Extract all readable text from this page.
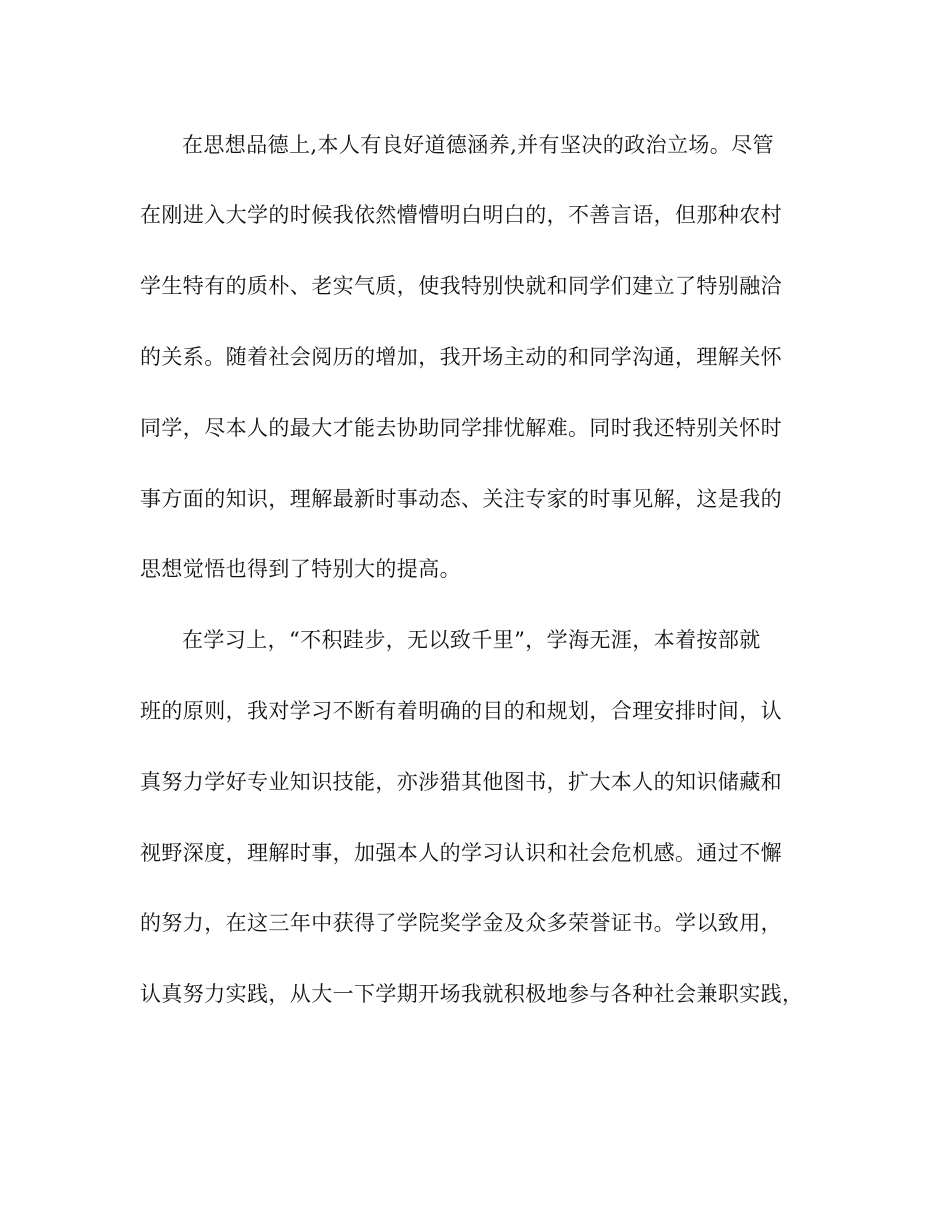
在思想品德上,本人有良好道德涵养,并有坚决的政治立场。尽管
在刚进入大学的时候我依然懵懵明白明白的，不善言语，但那种农村
学生特有的质朴、老实气质，使我特别快就和同学们建立了特别融洽
的关系。随着社会阅历的增加，我开场主动的和同学沟通，理解关怀
同学，尽本人的最大才能去协助同学排忧解难。同时我还特别关怀时
事方面的知识，理解最新时事动态、关注专家的时事见解，这是我的
思想觉悟也得到了特别大的提高。
在学习上，“不积跬步，无以致千里”，学海无涯，本着按部就
班的原则，我对学习不断有着明确的目的和规划，合理安排时间，认
真努力学好专业知识技能，亦涉猎其他图书，扩大本人的知识储藏和
视野深度，理解时事，加强本人的学习认识和社会危机感。通过不懈
的努力，在这三年中获得了学院奖学金及众多荣誉证书。学以致用，
认真努力实践，从大一下学期开场我就积极地参与各种社会兼职实践，
